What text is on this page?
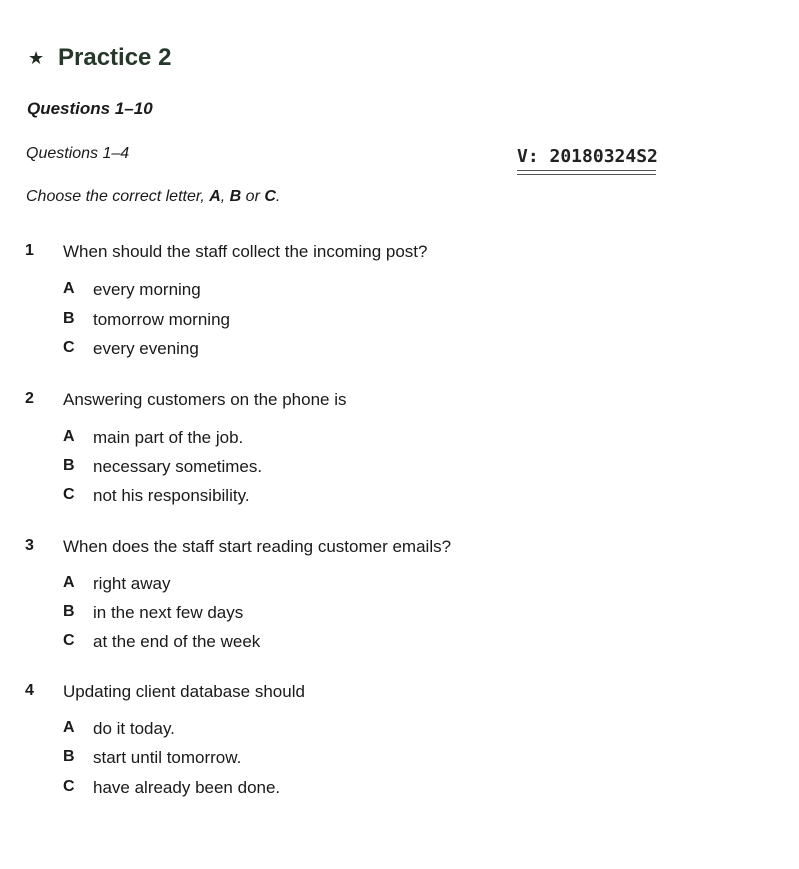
★ Practice 2
Questions 1–10
Questions 1–4	V: 20180324S2
Choose the correct letter, A, B or C.
1 When should the staff collect the incoming post?
A every morning
B tomorrow morning
C every evening
2 Answering customers on the phone is
A main part of the job.
B necessary sometimes.
C not his responsibility.
3 When does the staff start reading customer emails?
A right away
B in the next few days
C at the end of the week
4 Updating client database should
A do it today.
B start until tomorrow.
C have already been done.
